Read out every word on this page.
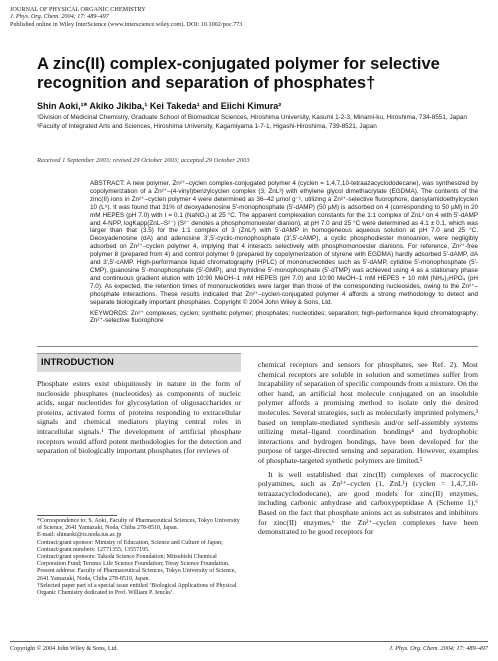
JOURNAL OF PHYSICAL ORGANIC CHEMISTRY
J. Phys. Org. Chem. 2004; 17: 489–497
Published online in Wiley InterScience (www.interscience.wiley.com). DOI: 10.1002/poc.773
A zinc(II) complex-conjugated polymer for selective recognition and separation of phosphates†
Shin Aoki,¹* Akiko Jikiba,¹ Kei Takeda¹ and Eiichi Kimura²

¹Division of Medicinal Chemistry, Graduate School of Biomedical Sciences, Hiroshima University, Kasumi 1-2-3, Minami-ku, Hiroshima, 734-8551, Japan

²Faculty of Integrated Arts and Sciences, Hiroshima University, Kagamiyama 1-7-1, Higashi-Hiroshima, 739-8521, Japan

Received 1 September 2003; revised 29 October 2003; accepted 29 October 2003

ABSTRACT: A new polymer, Zn²⁺–cyclen complex-conjugated polymer 4 (cyclen = 1,4,7,10-tetraazacyclododecane), was synthesized by copolymerization of a Zn²⁺–(4-vinyl)benzylcyclen complex (3, ZnL³) with ethylene glycol dimethacrylate (EGDMA). The contents of the zinc(II) ions in Zn²⁺–cyclen polymer 4 were determined as 36–42 µmol g⁻¹, utilizing a Zn²⁺-selective fluorophore, dansylamidoethylcyclen 10 (L⁵). It was found that 31% of deoxyadenosine 5′-monophosphate (5′-dAMP) (50 µM) is adsorbed on 4 (corresponding to 50 µM) in 20 mM HEPES (pH 7.0) with I = 0.1 (NaNO₃) at 25 °C. The apparent complexation constants for the 1:1 complex of ZnL² on 4 with 5′-dAMP and 4-NPP, logKapp(ZnL–S²⁻) (S²⁻ denotes a phosphomonoester dianion), at pH 7.0 and 25 °C were determined as 4.1 ± 0.1, which was larger than that (3.5) for the 1:1 complex of 3 (ZnL³) with 5′-dAMP in homogeneous aqueous solution at pH 7.0 and 25 °C. Deoxyadenosine (dA) and adenosine 3′,5′-cyclic-monophosphate (3′,5′-cAMP), a cyclic phosphodiester monoanion, were negligibly adsorbed on Zn²⁺–cyclen polymer 4, implying that 4 interacts selectively with phosphomonoester dianions. For reference, Zn²⁺-free polymer 8 (prepared from 4) and control polymer 9 (prepared by copolymerization of styrene with EGDMA) hardly adsorbed 5′-dAMP, dA and 3′,5′-cAMP. High-performance liquid chromatography (HPLC) of mononucleotides such as 5′-dAMP, cytidine 5′-monophosphate (5′-CMP), guanosine 5′-monophosphate (5′-GMP), and thymidine 5′-monophosphate (5′-dTMP) was achieved using 4 as a stationary phase and continuous gradient elution with 10:90 MeOH–1 mM HEPES (pH 7.0) and 10:90 MeOH–1 mM HEPES + 10 mM (NH₄)₂HPO₄ (pH 7.0). As expected, the retention times of mononucleotides were larger than those of the corresponding nucleosides, owing to the Zn²⁺–phosphate interactions. These results indicated that Zn²⁺–cyclen-conjugated polymer 4 affords a strong methodology to detect and separate biologically important phosphates. Copyright © 2004 John Wiley & Sons, Ltd.

KEYWORDS: Zn²⁺ complexes; cyclen; synthetic polymer; phosphates; nucleotides; separation; high-performance liquid chromatography; Zn²⁺-selective fluorophore

INTRODUCTION

Phosphate esters exist ubiquitously in nature in the form of nucleoside phosphates (nucleotides) as components of nucleic acids, sugar nucleotides for glycosylation of oligosaccharides or proteins, activated forms of proteins responding to extracellular signals and chemical mediators playing central roles in intracellular signals.¹ The development of artificial phosphate receptors would afford potent methodologies for the detection and separation of biologically important phosphates (for reviews of

chemical receptors and sensors for phosphates, see Ref. 2). Most chemical receptors are soluble in solution and sometimes suffer from incapability of separation of specific compounds from a mixture. On the other hand, an artificial host molecule conjugated on an insoluble polymer affords a promising method to isolate only the desired molecules. Several strategies, such as molecularly imprinted polymers,³ based on template-mediated synthesis and/or self-assembly systems utilizing metal–ligand coordination bondings⁴ and hydrophobic interactions and hydrogen bondings, have been developed for the purpose of target-directed sensing and separation. However, examples of phosphate-targeted synthetic polymers are limited.⁵

It is well established that zinc(II) complexes of macrocyclic polyamines, such as Zn²⁺–cyclen (1, ZnL¹) (cyclen = 1,4,7,10-tetraazacyclododecane), are good models for zinc(II) enzymes, including carbonic anhydrase and carboxypeptidase A (Scheme 1).⁶ Based on the fact that phosphate anions act as substrates and inhibitors for zinc(II) enzymes,⁶ the Zn²⁺–cyclen complexes have been demonstrated to be good receptors for

*Correspondence to: S. Aoki, Faculty of Pharmaceutical Sciences, Tokyo University of Science, 2641 Yamazaki, Noda, Chiba 278-8510, Japan.

E-mail: shinaoki@rs.noda.tus.ac.jp

Contract/grant sponsor: Ministry of Education, Science and Culture of Japan; Contract/grant numbers: 12771355; 13557195.

Contract/grant sponsors: Takeda Science Foundation; Mitsubishi Chemical Corporation Fund; Terumo Life Science Foundation; Toray Science Foundation.

Present address: Faculty of Pharmaceutical Sciences, Tokyo University of Science, 2641 Yamazaki, Noda, Chiba 278-8510, Japan.

†Selected paper part of a special issue entitled ‘Biological Applications of Physical Organic Chemistry dedicated to Prof. William P. Jencks’.

Copyright © 2004 John Wiley & Sons, Ltd.	J. Phys. Org. Chem. 2004; 17: 489–497
